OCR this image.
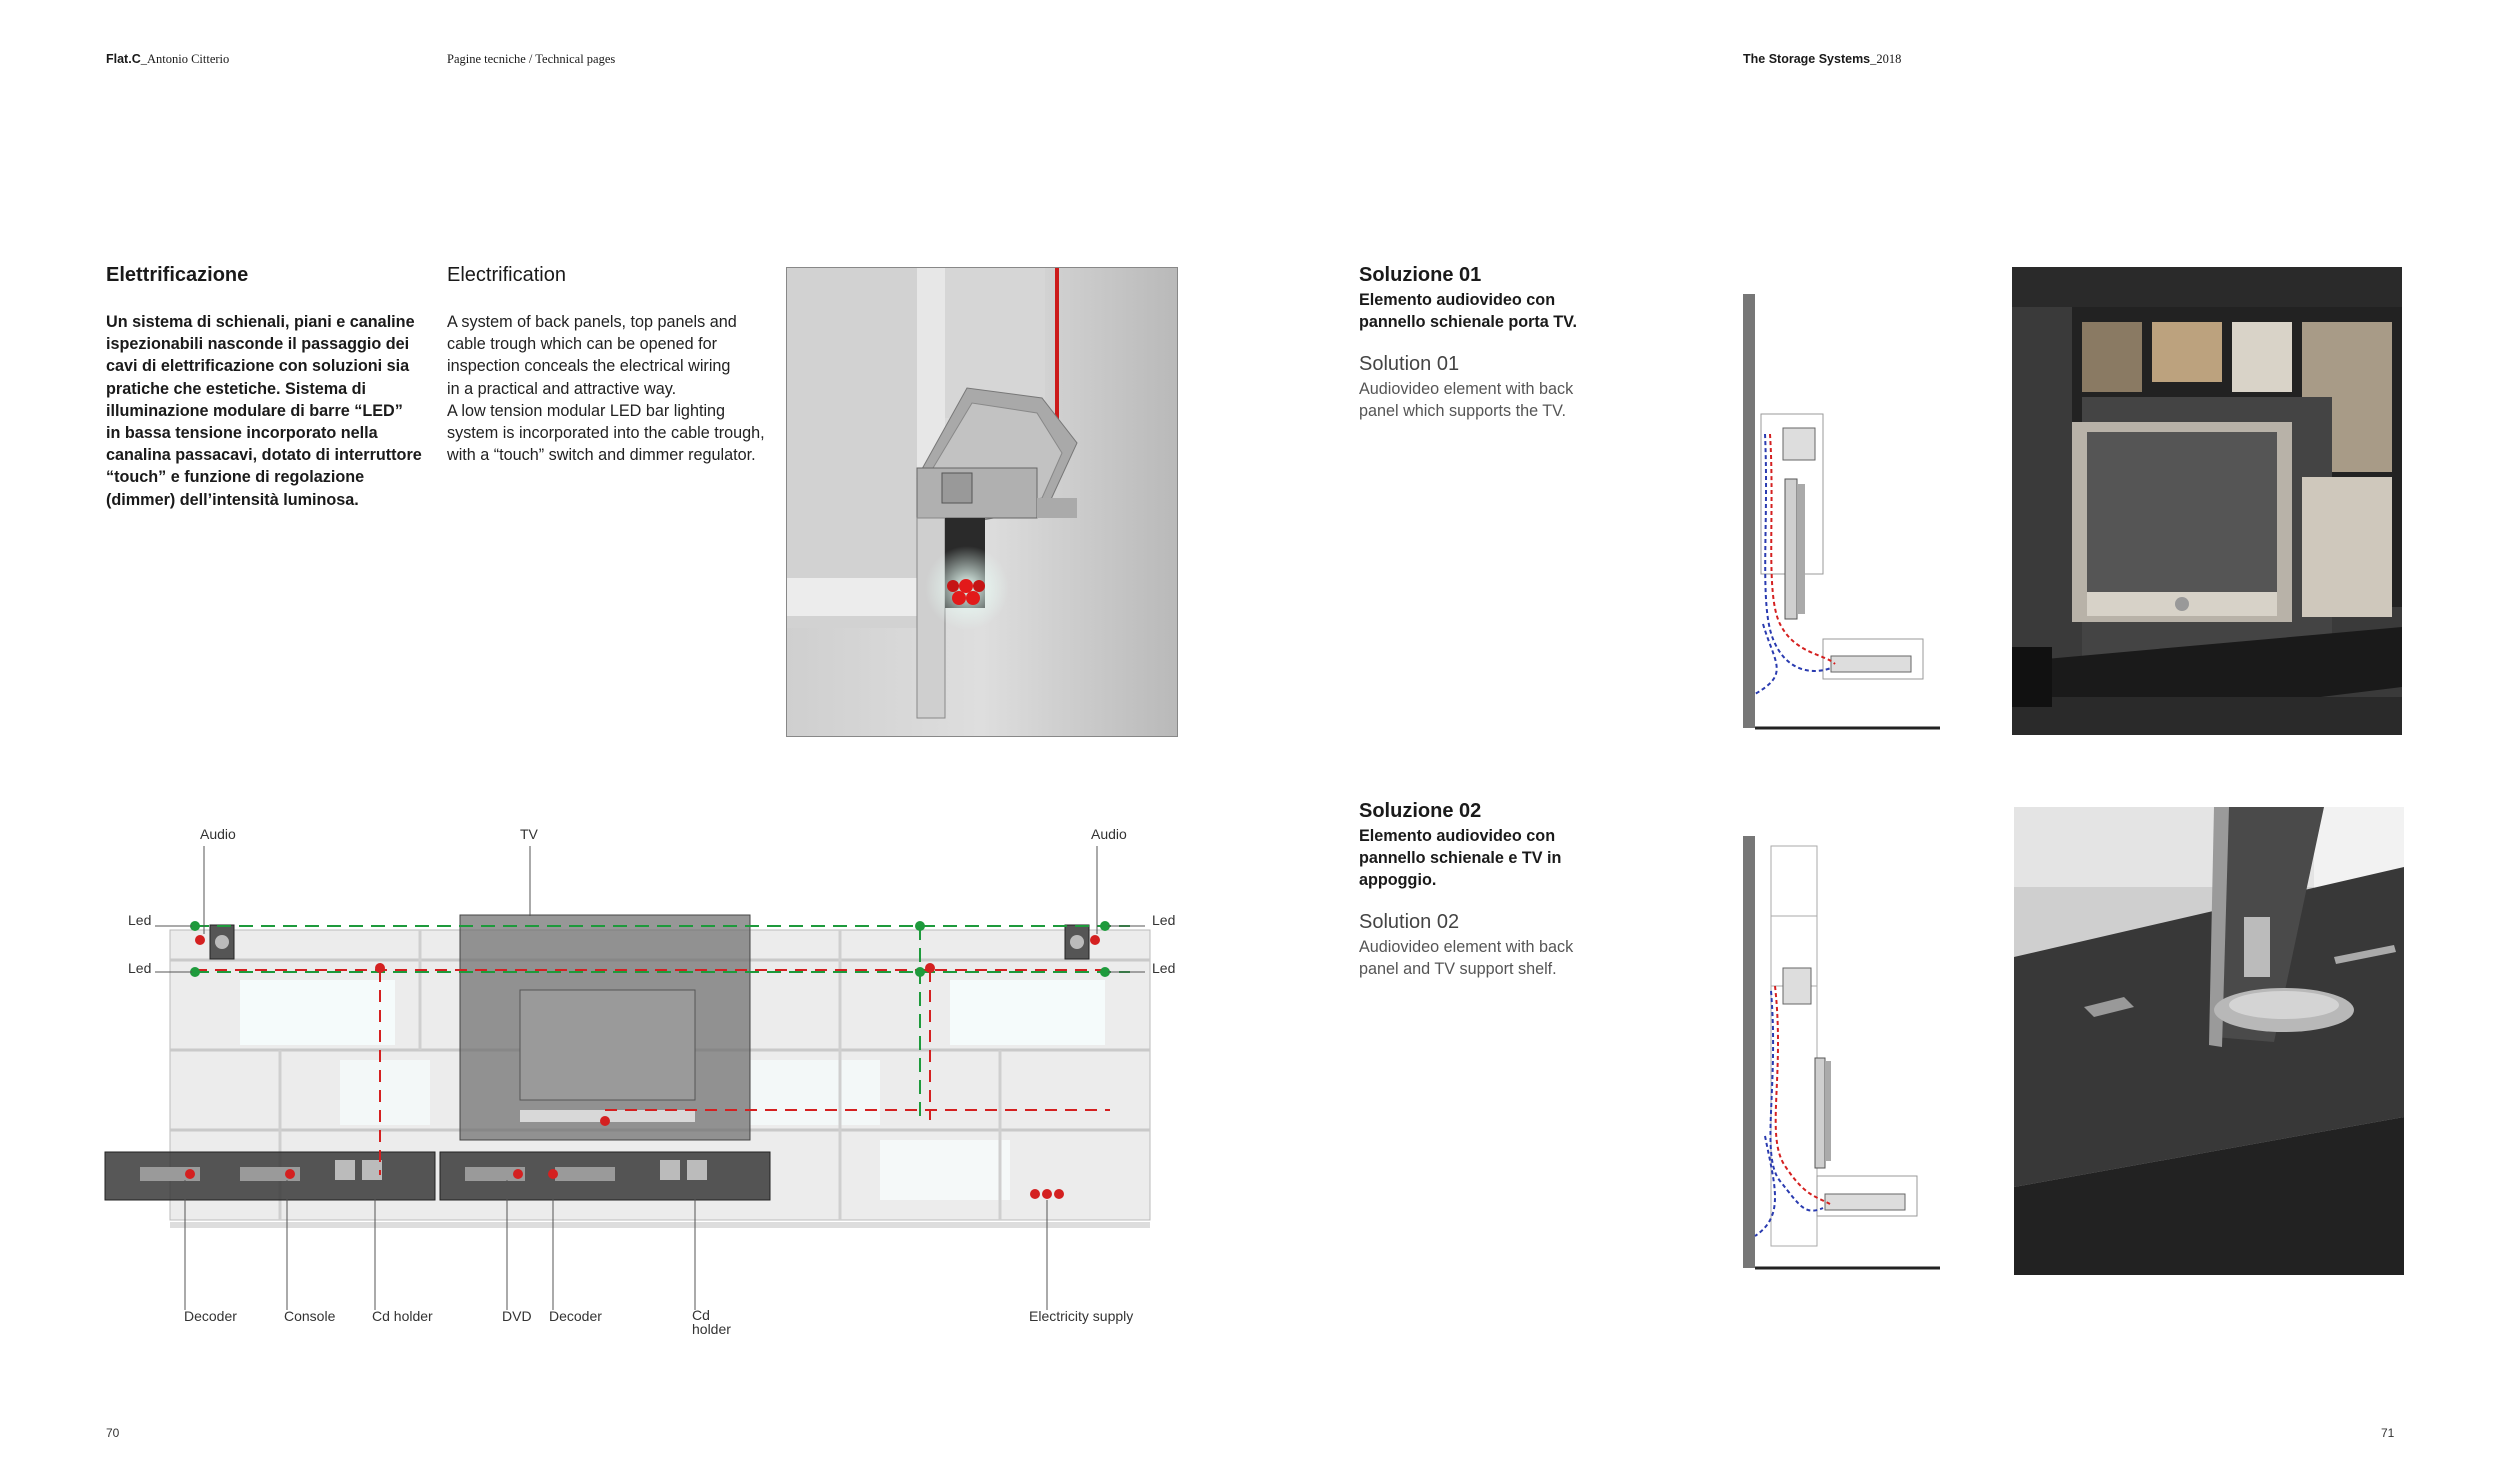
Flat.C_Antonio Citterio	Pagine tecniche / Technical pages	The Storage Systems_2018
Elettrificazione	Electrification
Un sistema di schienali, piani e canaline
ispezionabili nasconde il passaggio dei
cavi di elettrificazione con soluzioni sia
pratiche che estetiche. Sistema di
illuminazione modulare di barre “LED”
in bassa tensione incorporato nella
canalina passacavi, dotato di interruttore
“touch” e funzione di regolazione
(dimmer) dell’intensità luminosa.
A system of back panels, top panels and
cable trough which can be opened for
inspection conceals the electrical wiring
in a practical and attractive way.
A low tension modular LED bar lighting
system is incorporated into the cable trough,
with a “touch” switch and dimmer regulator.
Audio	TV	Audio
Led
Led
Led
Led
Decoder	Console	Cd holder	DVD Decoder	Cd
holder
Electricity supply
Soluzione 01
Elemento audiovideo con
pannello schienale porta TV.
Solution 01
Audiovideo element with back
panel which supports the TV.
Soluzione 02
Elemento audiovideo con
pannello schienale e TV in
appoggio.
Solution 02
Audiovideo element with back
panel and TV support shelf.
70	71
